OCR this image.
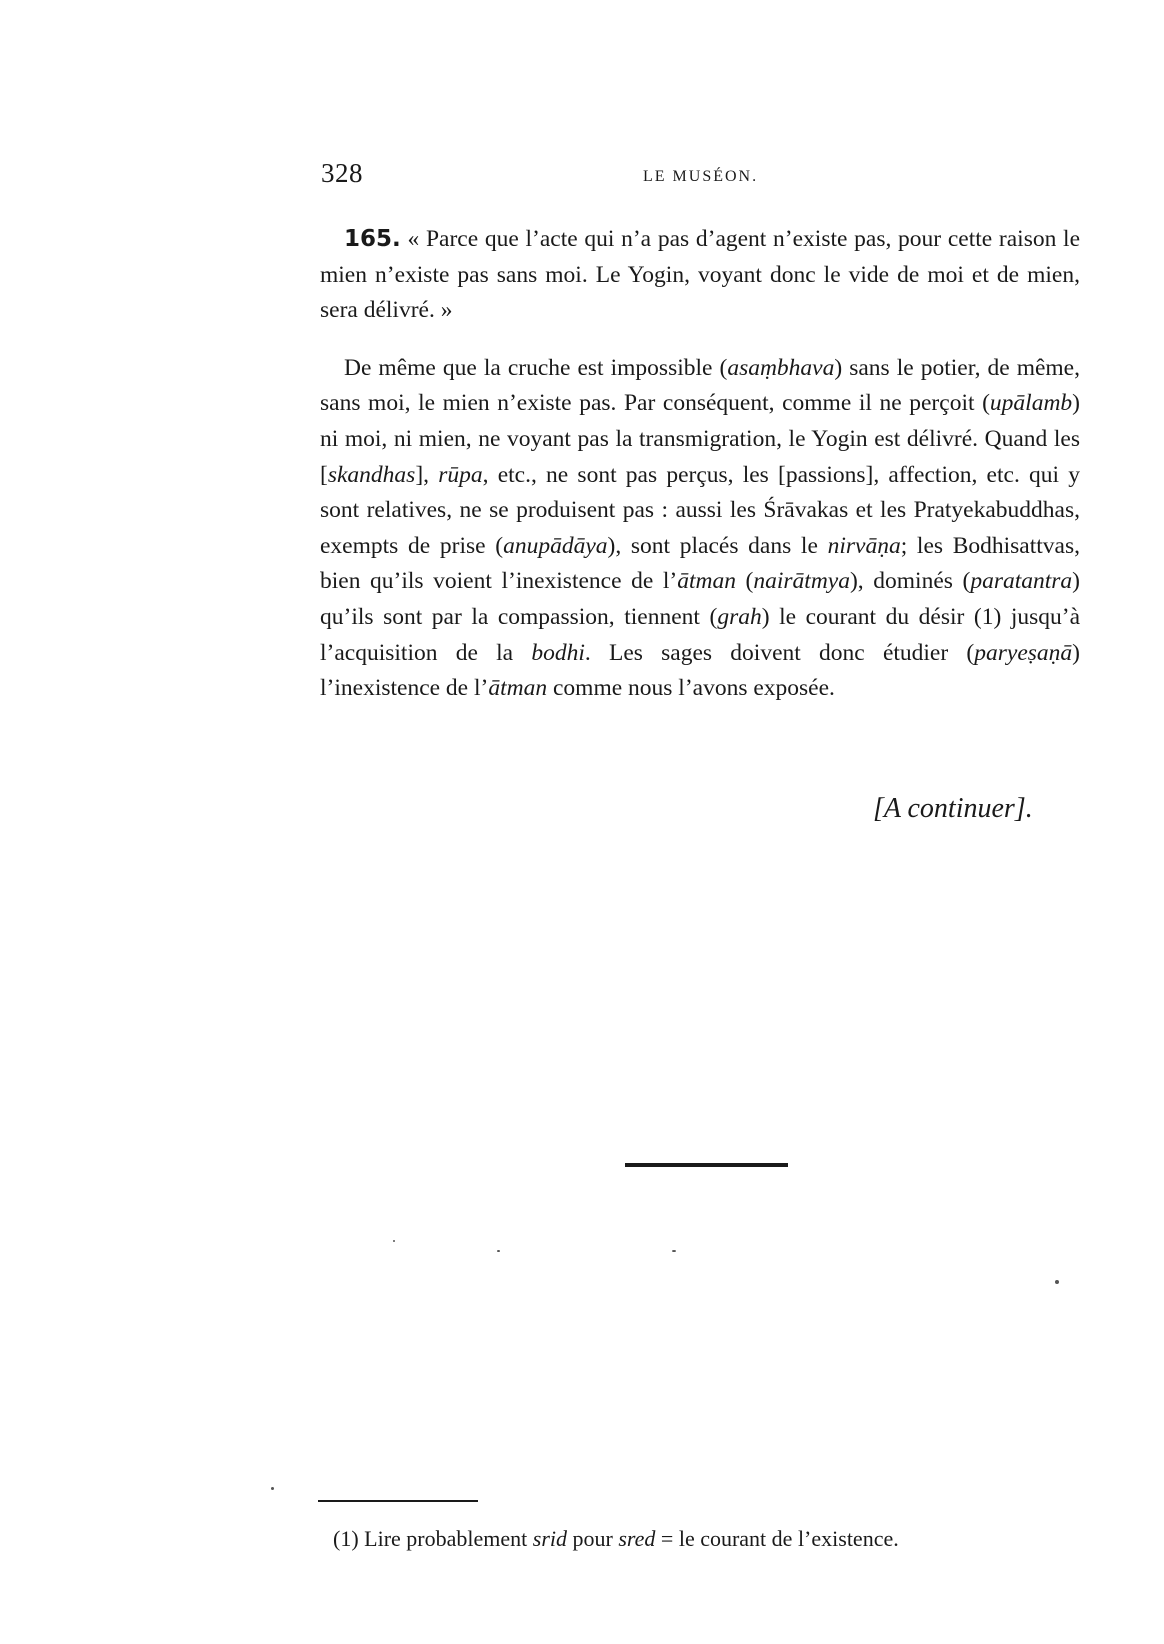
328	LE MUSÉON.

165. « Parce que l’acte qui n’a pas d’agent n’existe pas, pour cette raison le mien n’existe pas sans moi. Le Yogin, voyant donc le vide de moi et de mien, sera délivré. »

De même que la cruche est impossible (asaṃbhava) sans le potier, de même, sans moi, le mien n’existe pas. Par conséquent, comme il ne perçoit (upālamb) ni moi, ni mien, ne voyant pas la transmigration, le Yogin est délivré. Quand les [skandhas], rūpa, etc., ne sont pas perçus, les [passions], affection, etc. qui y sont relatives, ne se produisent pas : aussi les Śrāvakas et les Pratyekabuddhas, exempts de prise (anupādāya), sont placés dans le nirvāṇa; les Bodhisattvas, bien qu’ils voient l’inexistence de l’ātman (nairātmya), dominés (paratantra) qu’ils sont par la compassion, tiennent (grah) le courant du désir (1) jusqu’à l’acquisition de la bodhi. Les sages doivent donc étudier (paryeṣaṇā) l’inexistence de l’ātman comme nous l’avons exposée.

[A continuer].
(1) Lire probablement srid pour sred = le courant de l’existence.
